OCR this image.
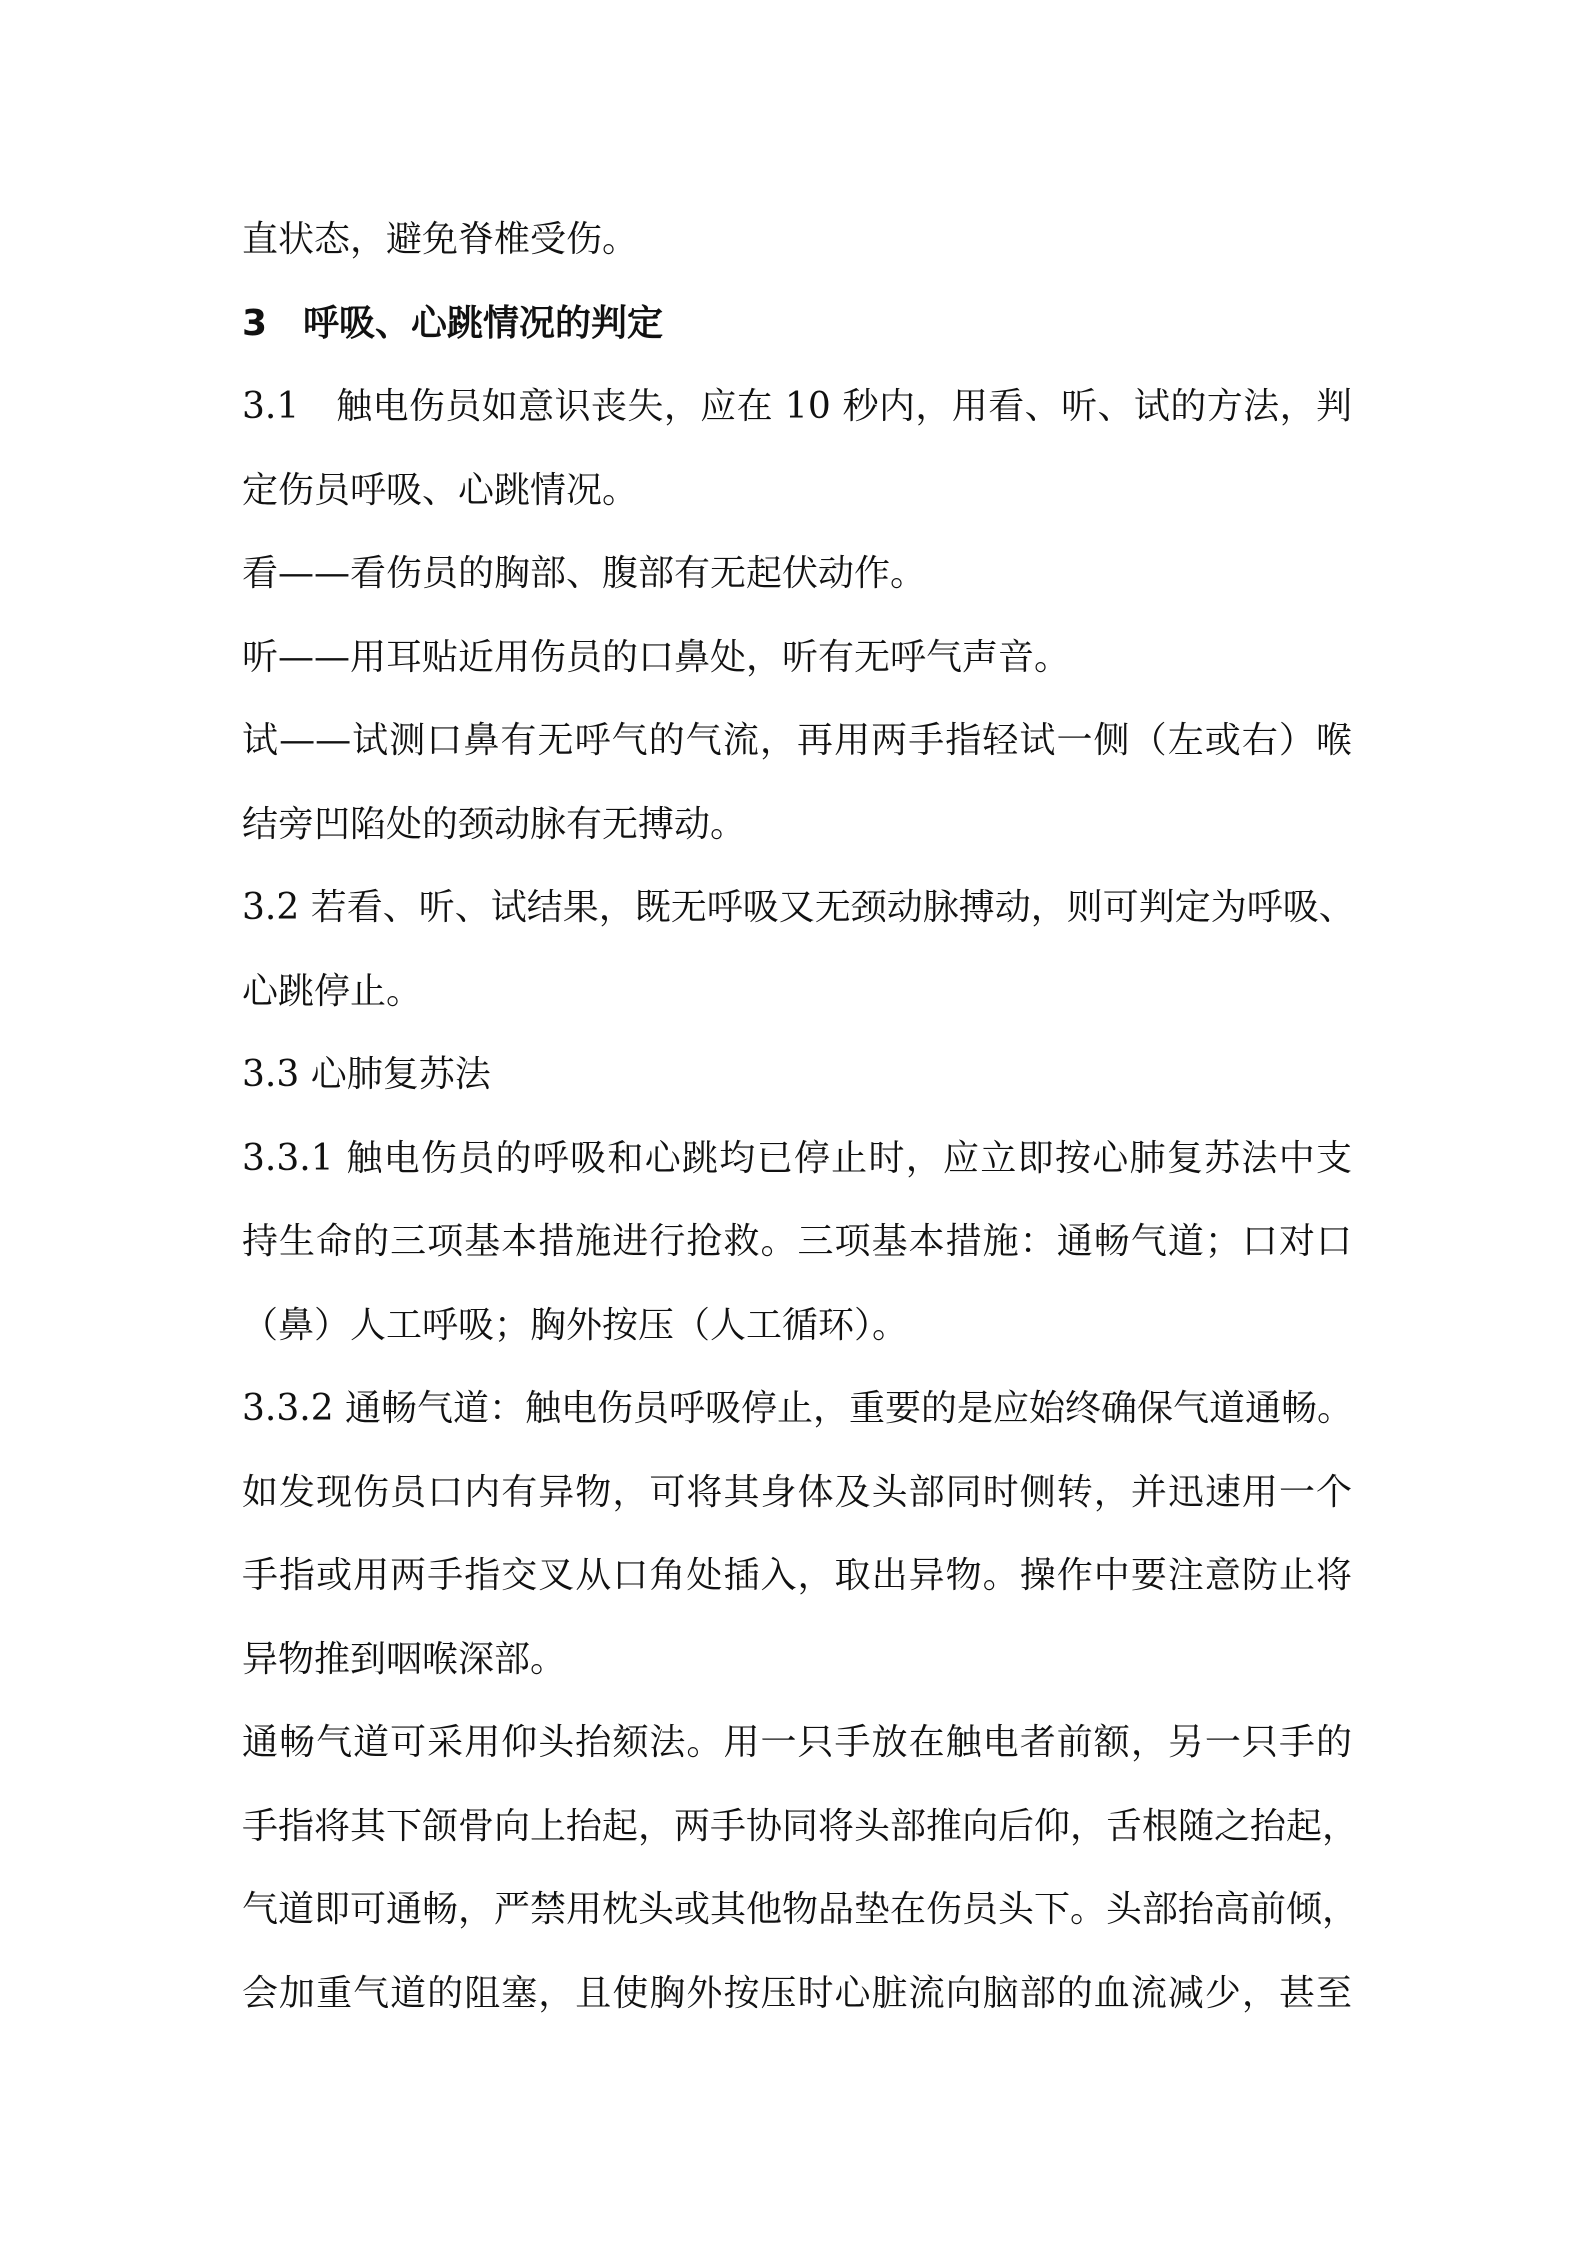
直状态，避免脊椎受伤。
3　呼吸、心跳情况的判定
3.1　触电伤员如意识丧失，应在 10 秒内，用看、听、试的方法，判
定伤员呼吸、心跳情况。
看——看伤员的胸部、腹部有无起伏动作。
听——用耳贴近用伤员的口鼻处，听有无呼气声音。
试——试测口鼻有无呼气的气流，再用两手指轻试一侧（左或右）喉
结旁凹陷处的颈动脉有无搏动。
3.2 若看、听、试结果，既无呼吸又无颈动脉搏动，则可判定为呼吸、
心跳停止。
3.3 心肺复苏法
3.3.1 触电伤员的呼吸和心跳均已停止时，应立即按心肺复苏法中支
持生命的三项基本措施进行抢救。三项基本措施：通畅气道；口对口
（鼻）人工呼吸；胸外按压（人工循环）。
3.3.2 通畅气道：触电伤员呼吸停止，重要的是应始终确保气道通畅。
如发现伤员口内有异物，可将其身体及头部同时侧转，并迅速用一个
手指或用两手指交叉从口角处插入，取出异物。操作中要注意防止将
异物推到咽喉深部。
通畅气道可采用仰头抬颏法。用一只手放在触电者前额，另一只手的
手指将其下颌骨向上抬起，两手协同将头部推向后仰，舌根随之抬起，
气道即可通畅，严禁用枕头或其他物品垫在伤员头下。头部抬高前倾，
会加重气道的阻塞，且使胸外按压时心脏流向脑部的血流减少，甚至
